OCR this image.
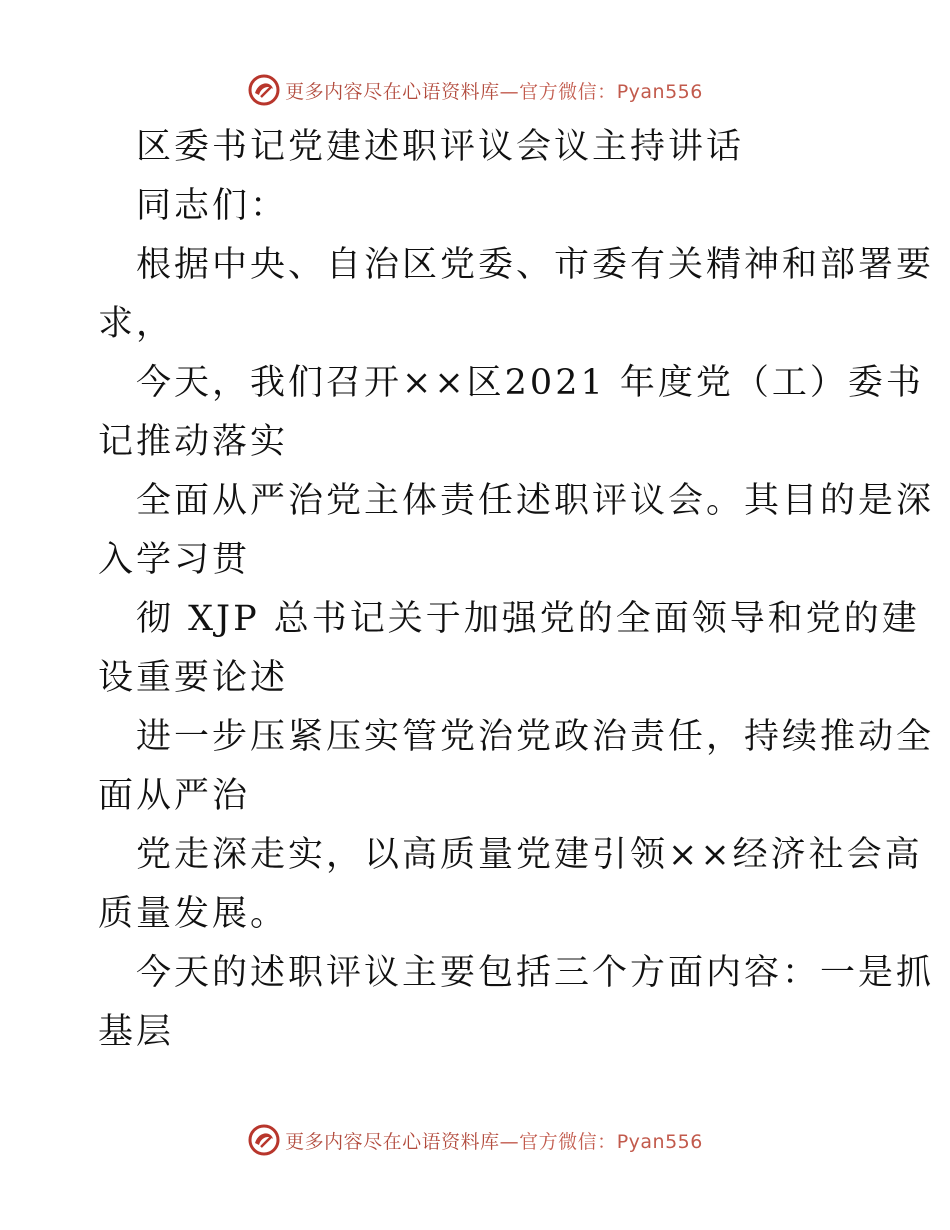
更多内容尽在心语资料库—官方微信：Pyan556

区委书记党建述职评议会议主持讲话

同志们：

根据中央、自治区党委、市委有关精神和部署要

求，

今天，我们召开××区2021 年度党（工）委书

记推动落实

全面从严治党主体责任述职评议会。其目的是深

入学习贯

彻 XJP 总书记关于加强党的全面领导和党的建

设重要论述

进一步压紧压实管党治党政治责任，持续推动全

面从严治

党走深走实，以高质量党建引领××经济社会高

质量发展。

今天的述职评议主要包括三个方面内容：一是抓

基层

更多内容尽在心语资料库—官方微信：Pyan556
